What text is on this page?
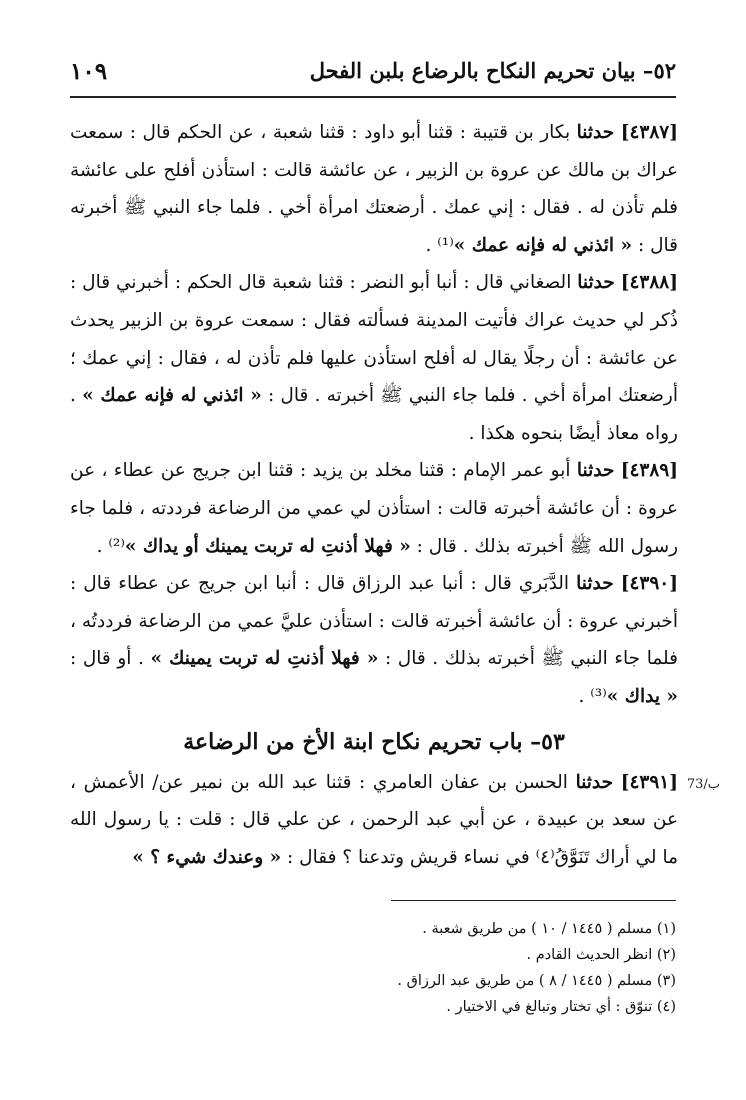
٥٢– بيان تحريم النكاح بالرضاع بلبن الفحل
١٠٩

[٤٣٨٧] حدثنا بكار بن قتيبة : قثنا أبو داود : قثنا شعبة ، عن الحكم قال : سمعت عراك بن مالك عن عروة بن الزبير ، عن عائشة قالت : استأذن أفلح على عائشة فلم تأذن له . فقال : إني عمك . أرضعتك امرأة أخي . فلما جاء النبي ﷺ أخبرته قال : « ائذني له فإنه عمك »⁽¹⁾ .

[٤٣٨٨] حدثنا الصغاني قال : أنبا أبو النضر : قثنا شعبة قال الحكم : أخبرني قال : ذُكر لي حديث عراك فأتيت المدينة فسألته فقال : سمعت عروة بن الزبير يحدث عن عائشة : أن رجلًا يقال له أفلح استأذن عليها فلم تأذن له ، فقال : إني عمك ؛ أرضعتك امرأة أخي . فلما جاء النبي ﷺ أخبرته . قال : « ائذني له فإنه عمك » . رواه معاذ أيضًا بنحوه هكذا .

[٤٣٨٩] حدثنا أبو عمر الإمام : قثنا مخلد بن يزيد : قثنا ابن جريج عن عطاء ، عن عروة : أن عائشة أخبرته قالت : استأذن لي عمي من الرضاعة فرددته ، فلما جاء رسول الله ﷺ أخبرته بذلك . قال : « فهلا أذنتِ له تربت يمينك أو يداك »⁽²⁾ .

[٤٣٩٠] حدثنا الدَّبَري قال : أنبا عبد الرزاق قال : أنبا ابن جريج عن عطاء قال : أخبرني عروة : أن عائشة أخبرته قالت : استأذن عليَّ عمي من الرضاعة فرددتُه ، فلما جاء النبي ﷺ أخبرته بذلك . قال : « فهلا أذنتِ له تربت يمينك » . أو قال : « يداك »⁽³⁾ .

٥٣– باب تحريم نكاح ابنة الأخ من الرضاعة

[٤٣٩١] حدثنا الحسن بن عفان العامري : قثنا عبد الله بن نمير عن/ الأعمش ، عن سعد بن عبيدة ، عن أبي عبد الرحمن ، عن علي قال : قلت : يا رسول الله ما لي أراك تَنَوَّقُ⁽٤⁾ في نساء قريش وتدعنا ؟ فقال : « وعندك شيء ؟ »

73/ب
(١) مسلم ( ١٤٤٥ / ١٠ ) من طريق شعبة .
(٢) انظر الحديث القادم .
(٣) مسلم ( ١٤٤٥ / ٨ ) من طريق عبد الرزاق .
(٤) تنوّق : أي تختار وتبالغ في الاختيار .
